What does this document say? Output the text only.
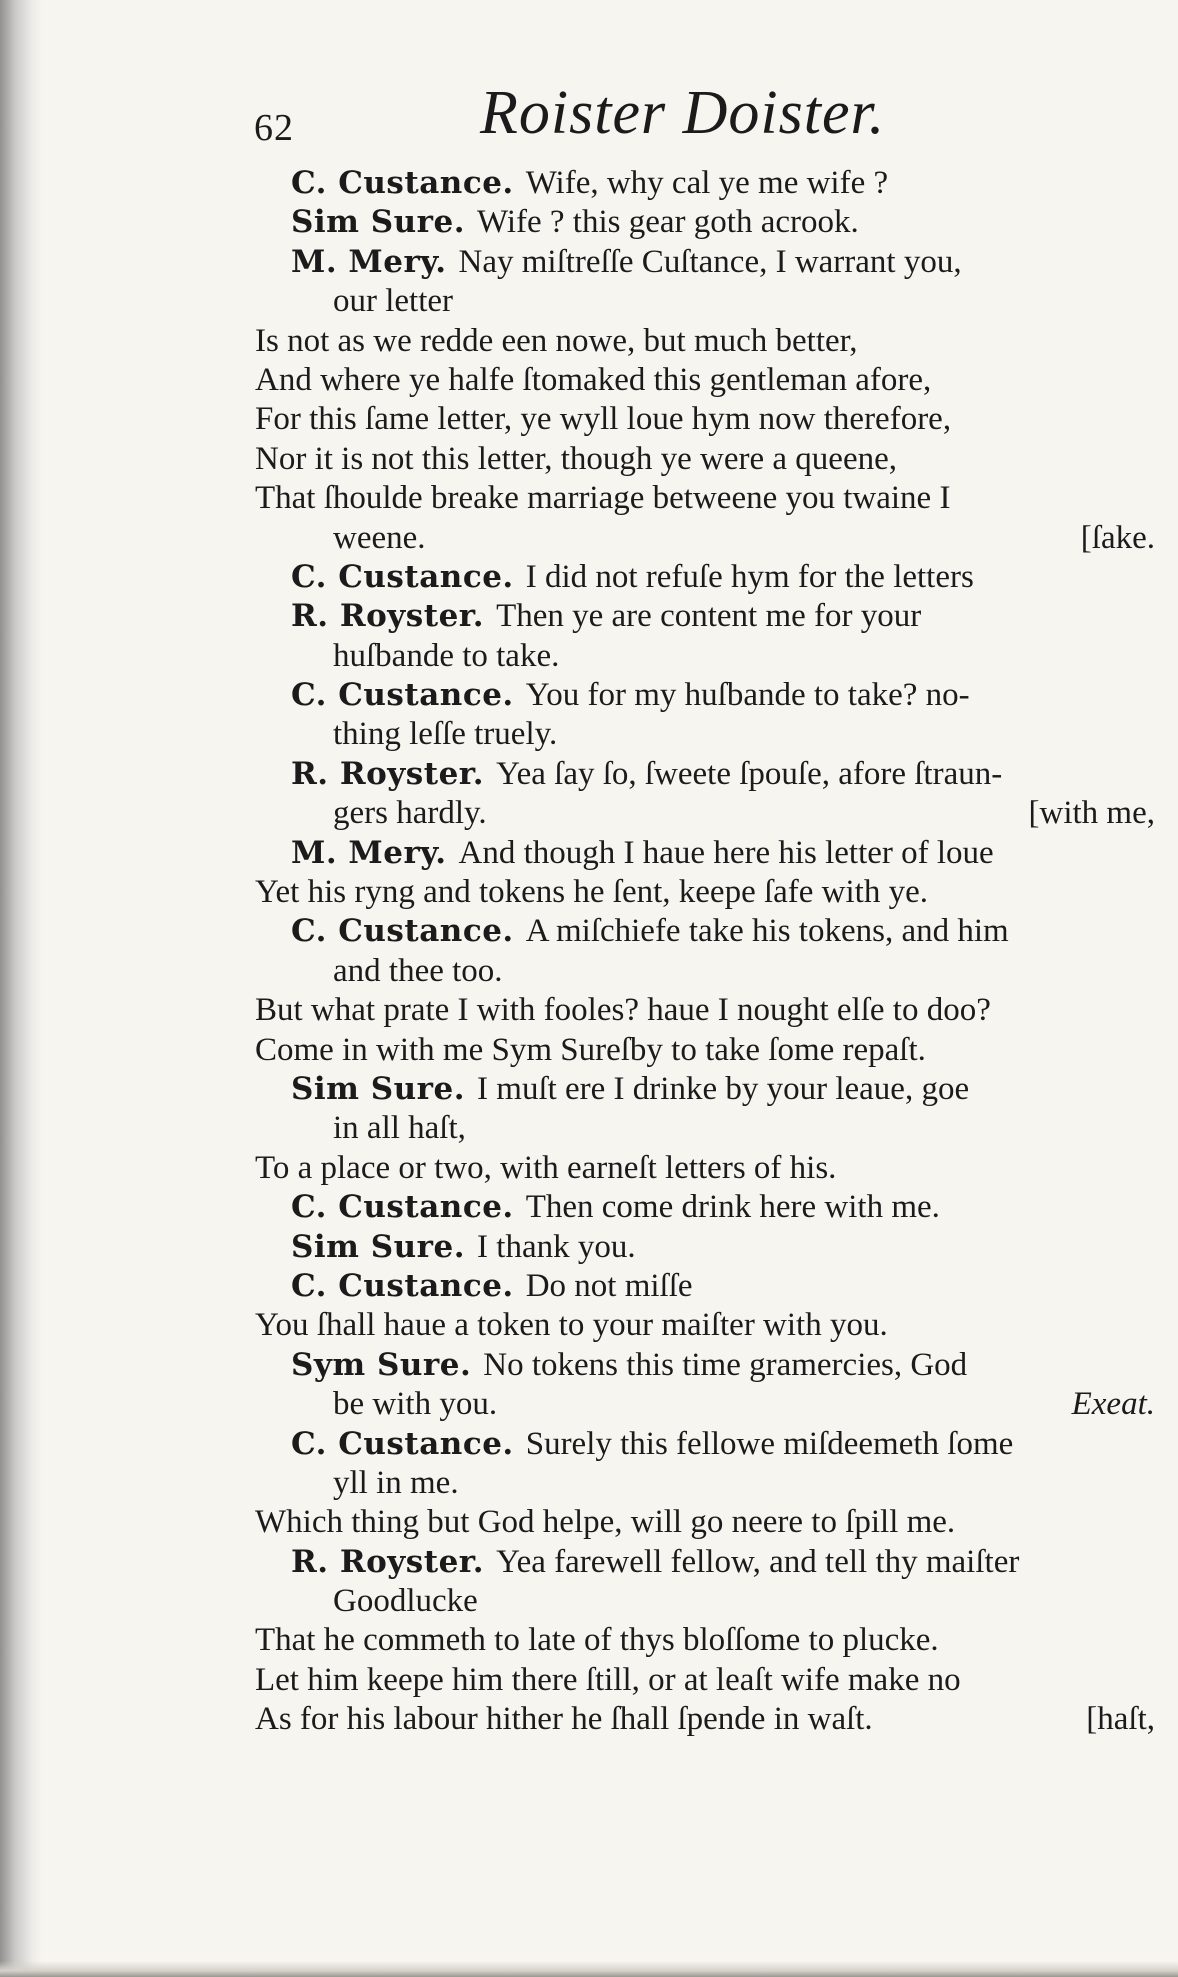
62	Roister Doister.
C. Custance. Wife, why cal ye me wife ?
Sim Sure. Wife ? this gear goth acrook.
M. Mery. Nay miſtreſſe Cuſtance, I warrant you,
our letter
Is not as we redde een nowe, but much better,
And where ye halfe ſtomaked this gentleman afore,
For this ſame letter, ye wyll loue hym now therefore,
Nor it is not this letter, though ye were a queene,
That ſhoulde breake marriage betweene you twaine I
weene.	[ſake.
C. Custance. I did not refuſe hym for the letters
R. Royster. Then ye are content me for your
huſbande to take.
C. Custance. You for my huſbande to take? no-
thing leſſe truely.
R. Royster. Yea ſay ſo, ſweete ſpouſe, afore ſtraun-
gers hardly.	[with me,
M. Mery. And though I haue here his letter of loue
Yet his ryng and tokens he ſent, keepe ſafe with ye.
C. Custance. A miſchiefe take his tokens, and him
and thee too.
But what prate I with fooles? haue I nought elſe to doo?
Come in with me Sym Sureſby to take ſome repaſt.
Sim Sure. I muſt ere I drinke by your leaue, goe
in all haſt,
To a place or two, with earneſt letters of his.
C. Custance. Then come drink here with me.
Sim Sure. I thank you.
C. Custance. Do not miſſe
You ſhall haue a token to your maiſter with you.
Sym Sure. No tokens this time gramercies, God
be with you.	Exeat.
C. Custance. Surely this fellowe miſdeemeth ſome
yll in me.
Which thing but God helpe, will go neere to ſpill me.
R. Royster. Yea farewell fellow, and tell thy maiſter
Goodlucke
That he commeth to late of thys bloſſome to plucke.
Let him keepe him there ſtill, or at leaſt wife make no
As for his labour hither he ſhall ſpende in waſt.	[haſt,
